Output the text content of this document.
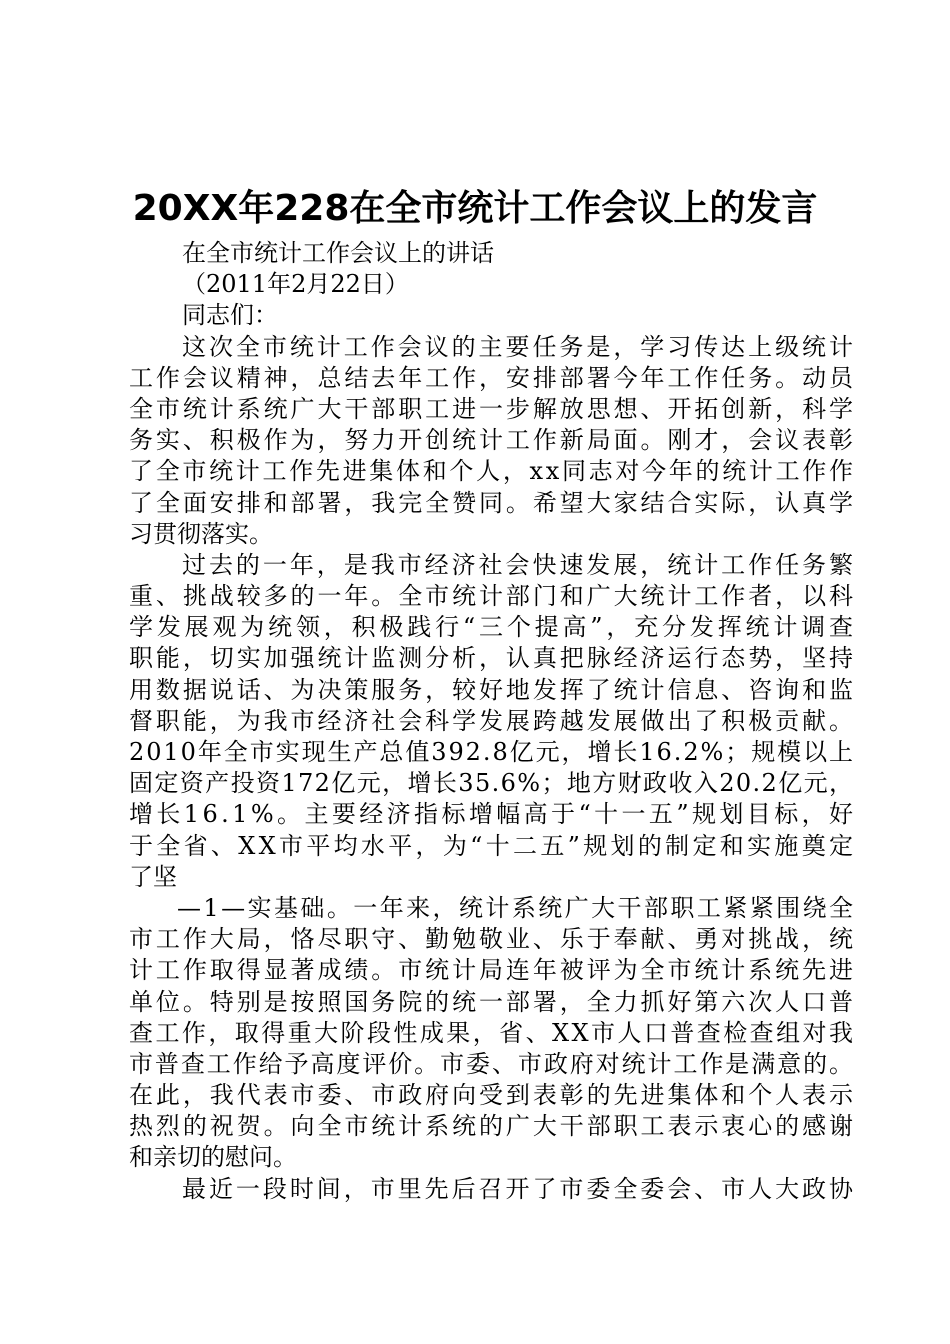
20XX年228在全市统计工作会议上的发言
在全市统计工作会议上的讲话
（2011年2月22日）
同志们：
这次全市统计工作会议的主要任务是，学习传达上级统计
工作会议精神，总结去年工作，安排部署今年工作任务。动员
全市统计系统广大干部职工进一步解放思想、开拓创新，科学
务实、积极作为，努力开创统计工作新局面。刚才，会议表彰
了全市统计工作先进集体和个人，xx同志对今年的统计工作作
了全面安排和部署，我完全赞同。希望大家结合实际，认真学
习贯彻落实。
过去的一年，是我市经济社会快速发展，统计工作任务繁
重、挑战较多的一年。全市统计部门和广大统计工作者，以科
学发展观为统领，积极践行“三个提高”，充分发挥统计调查
职能，切实加强统计监测分析，认真把脉经济运行态势，坚持
用数据说话、为决策服务，较好地发挥了统计信息、咨询和监
督职能，为我市经济社会科学发展跨越发展做出了积极贡献。
2010年全市实现生产总值392.8亿元，增长16.2%；规模以上
固定资产投资172亿元，增长35.6%；地方财政收入20.2亿元，
增长16.1%。主要经济指标增幅高于“十一五”规划目标，好
于全省、XX市平均水平，为“十二五”规划的制定和实施奠定
了坚
—1—实基础。一年来，统计系统广大干部职工紧紧围绕全
市工作大局，恪尽职守、勤勉敬业、乐于奉献、勇对挑战，统
计工作取得显著成绩。市统计局连年被评为全市统计系统先进
单位。特别是按照国务院的统一部署，全力抓好第六次人口普
查工作，取得重大阶段性成果，省、XX市人口普查检查组对我
市普查工作给予高度评价。市委、市政府对统计工作是满意的。
在此，我代表市委、市政府向受到表彰的先进集体和个人表示
热烈的祝贺。向全市统计系统的广大干部职工表示衷心的感谢
和亲切的慰问。
最近一段时间，市里先后召开了市委全委会、市人大政协
